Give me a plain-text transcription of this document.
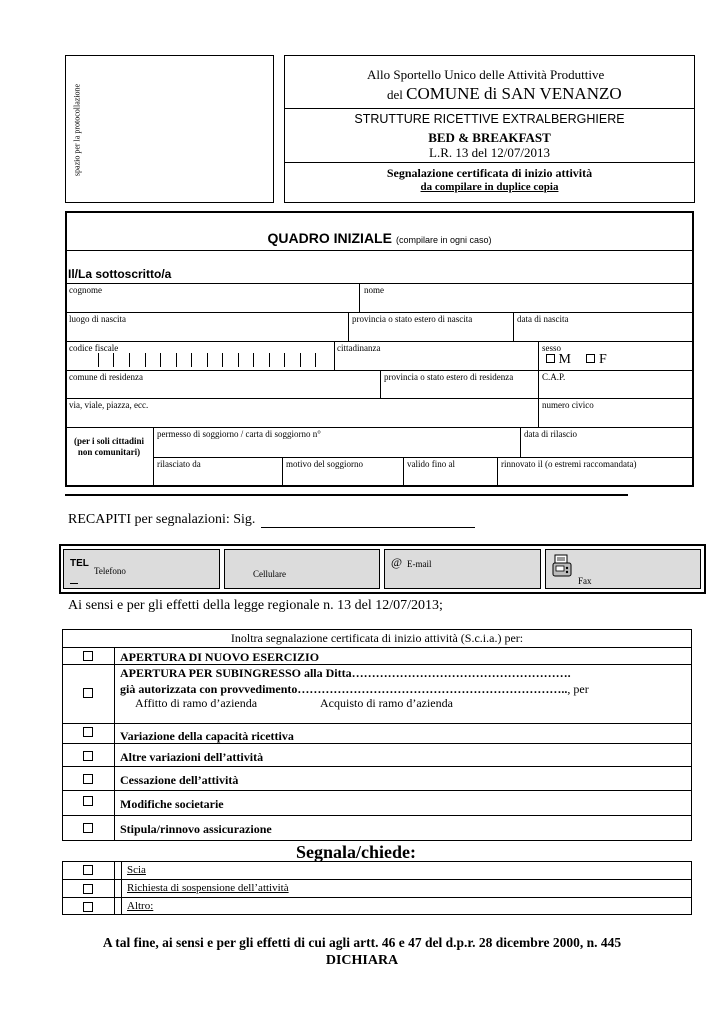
spazio per la protocollazione
Allo Sportello Unico delle Attività Produttive
del COMUNE di SAN VENANZO
STRUTTURE RICETTIVE EXTRALBERGHIERE
BED & BREAKFAST
L.R. 13 del 12/07/2013
Segnalazione certificata di inizio attività
da compilare in duplice copia
QUADRO INIZIALE (compilare in ogni caso)
Il/La sottoscritto/a
cognome	nome
luogo di nascita	provincia o stato estero di nascita	data di nascita
codice fiscale	cittadinanza	sesso
M F
comune di residenza	provincia o stato estero di residenza	C.A.P.
via, viale, piazza, ecc.	numero civico
(per i soli cittadini
non comunitari)
permesso di soggiorno / carta di soggiorno n°	data di rilascio
rilasciato da	motivo del soggiorno	valido fino al	rinnovato il (o estremi raccomandata)
RECAPITI per segnalazioni: Sig.
TEL
Telefono	Cellulare
@ E-mail
Fax
Ai sensi e per gli effetti della legge regionale n. 13 del 12/07/2013;
Inoltra segnalazione certificata di inizio attività (S.c.i.a.) per:
APERTURA DI NUOVO ESERCIZIO
APERTURA PER SUBINGRESSO alla Ditta……………………………………………….
già autorizzata con provvedimento………………………………………………………….., per
Affitto di ramo d’azienda	Acquisto di ramo d’azienda
Variazione della capacità ricettiva
Altre variazioni dell’attività
Cessazione dell’attività
Modifiche societarie
Stipula/rinnovo assicurazione
Segnala/chiede:
Scia
Richiesta di sospensione dell’attività
Altro:
A tal fine, ai sensi e per gli effetti di cui agli artt. 46 e 47 del d.p.r. 28 dicembre 2000, n. 445
DICHIARA
